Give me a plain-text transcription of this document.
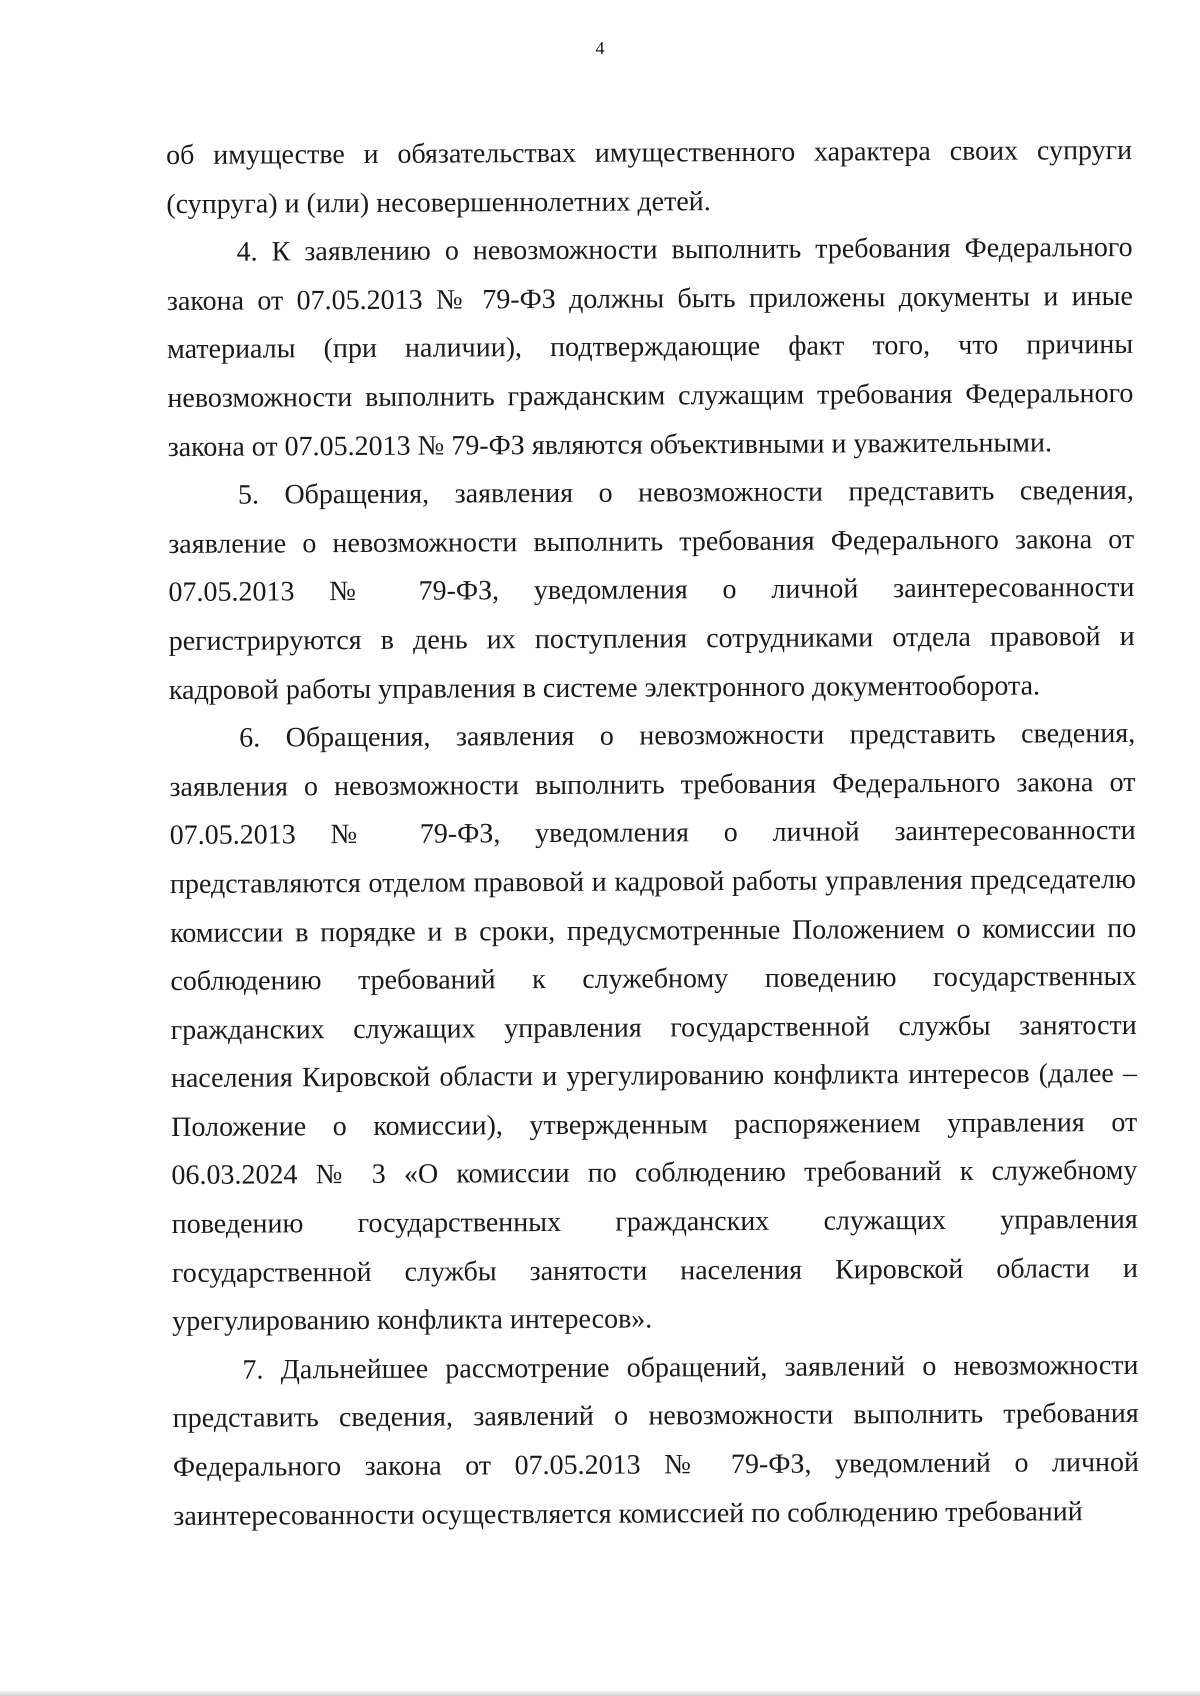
4

об имуществе и обязательствах имущественного характера своих супруги (супруга) и (или) несовершеннолетних детей.

4. К заявлению о невозможности выполнить требования Федерального закона от 07.05.2013 № 79-ФЗ должны быть приложены документы и иные материалы (при наличии), подтверждающие факт того, что причины невозможности выполнить гражданским служащим требования Федерального закона от 07.05.2013 № 79-ФЗ являются объективными и уважительными.

5. Обращения, заявления о невозможности представить сведения, заявление о невозможности выполнить требования Федерального закона от 07.05.2013 № 79-ФЗ, уведомления о личной заинтересованности регистрируются в день их поступления сотрудниками отдела правовой и кадровой работы управления в системе электронного документооборота.

6. Обращения, заявления о невозможности представить сведения, заявления о невозможности выполнить требования Федерального закона от 07.05.2013 № 79-ФЗ, уведомления о личной заинтересованности представляются отделом правовой и кадровой работы управления председателю комиссии в порядке и в сроки, предусмотренные Положением о комиссии по соблюдению требований к служебному поведению государственных гражданских служащих управления государственной службы занятости населения Кировской области и урегулированию конфликта интересов (далее – Положение о комиссии), утвержденным распоряжением управления от 06.03.2024 № 3 «О комиссии по соблюдению требований к служебному поведению государственных гражданских служащих управления государственной службы занятости населения Кировской области и урегулированию конфликта интересов».

7. Дальнейшее рассмотрение обращений, заявлений о невозможности представить сведения, заявлений о невозможности выполнить требования Федерального закона от 07.05.2013 № 79-ФЗ, уведомлений о личной заинтересованности осуществляется комиссией по соблюдению требований
